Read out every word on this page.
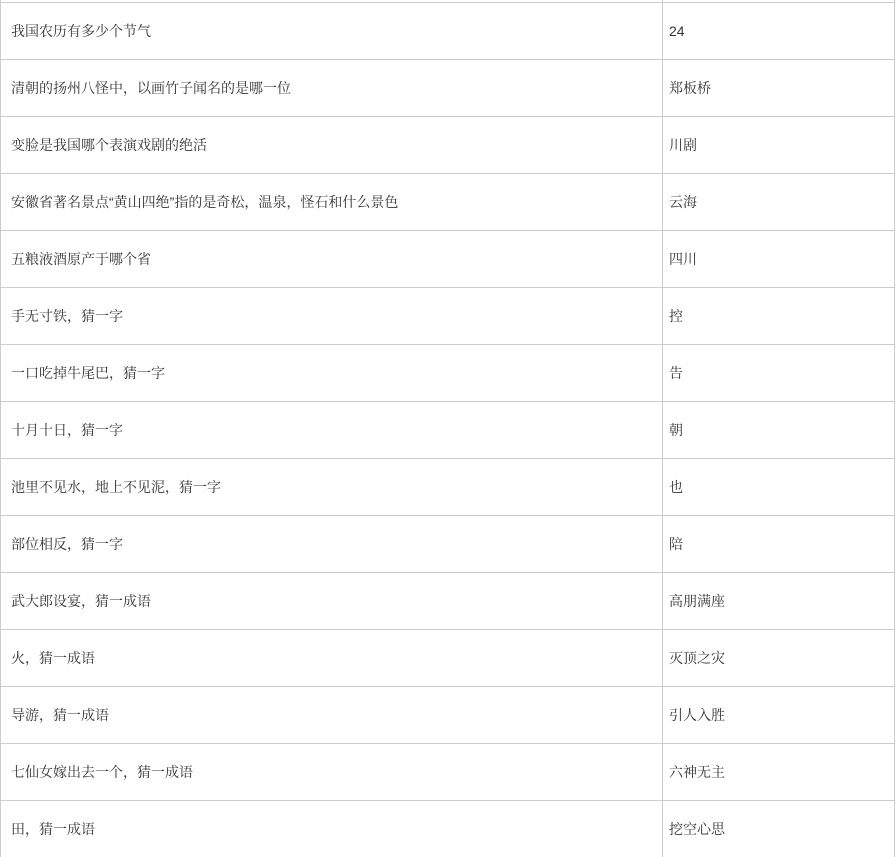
我国农历有多少个节气	24
清朝的扬州八怪中，以画竹子闻名的是哪一位	郑板桥
变脸是我国哪个表演戏剧的绝活	川剧
安徽省著名景点“黄山四绝”指的是奇松，温泉，怪石和什么景色	云海
五粮液酒原产于哪个省	四川
手无寸铁，猜一字	控
一口吃掉牛尾巴，猜一字	告
十月十日，猜一字	朝
池里不见水，地上不见泥，猜一字	也
部位相反，猜一字	陪
武大郎设宴，猜一成语	高朋满座
火，猜一成语	灭顶之灾
导游，猜一成语	引人入胜
七仙女嫁出去一个，猜一成语	六神无主
田，猜一成语	挖空心思
